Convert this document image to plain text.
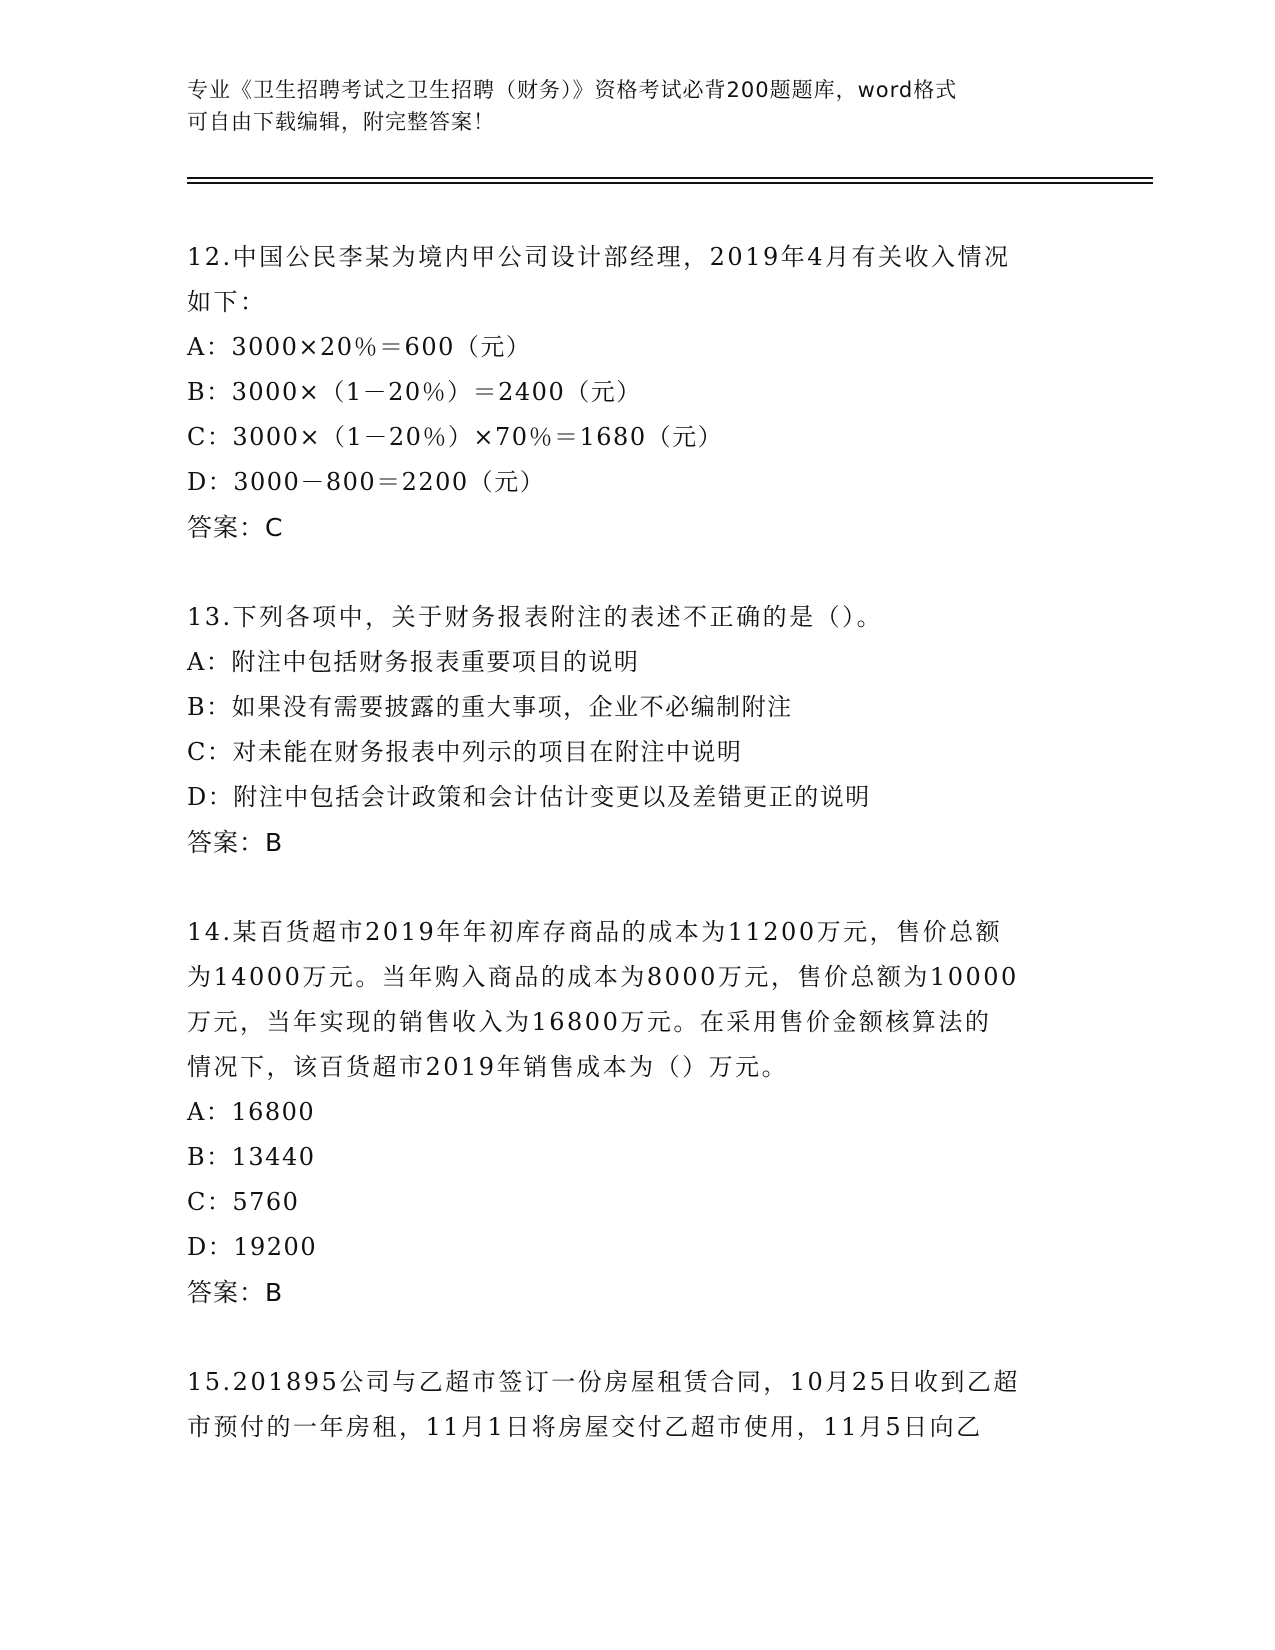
专业《卫生招聘考试之卫生招聘（财务）》资格考试必背200题题库，word格式
可自由下载编辑，附完整答案！
12.中国公民李某为境内甲公司设计部经理，2019年4月有关收入情况
如下：
A：3000×20％＝600（元）
B：3000×（1－20％）＝2400（元）
C：3000×（1－20％）×70％＝1680（元）
D：3000－800＝2200（元）
答案：C
13.下列各项中，关于财务报表附注的表述不正确的是（）。
A：附注中包括财务报表重要项目的说明
B：如果没有需要披露的重大事项，企业不必编制附注
C：对未能在财务报表中列示的项目在附注中说明
D：附注中包括会计政策和会计估计变更以及差错更正的说明
答案：B
14.某百货超市2019年年初库存商品的成本为11200万元，售价总额
为14000万元。当年购入商品的成本为8000万元，售价总额为10000
万元，当年实现的销售收入为16800万元。在采用售价金额核算法的
情况下，该百货超市2019年销售成本为（）万元。
A：16800
B：13440
C：5760
D：19200
答案：B
15.201895公司与乙超市签订一份房屋租赁合同，10月25日收到乙超
市预付的一年房租，11月1日将房屋交付乙超市使用，11月5日向乙
